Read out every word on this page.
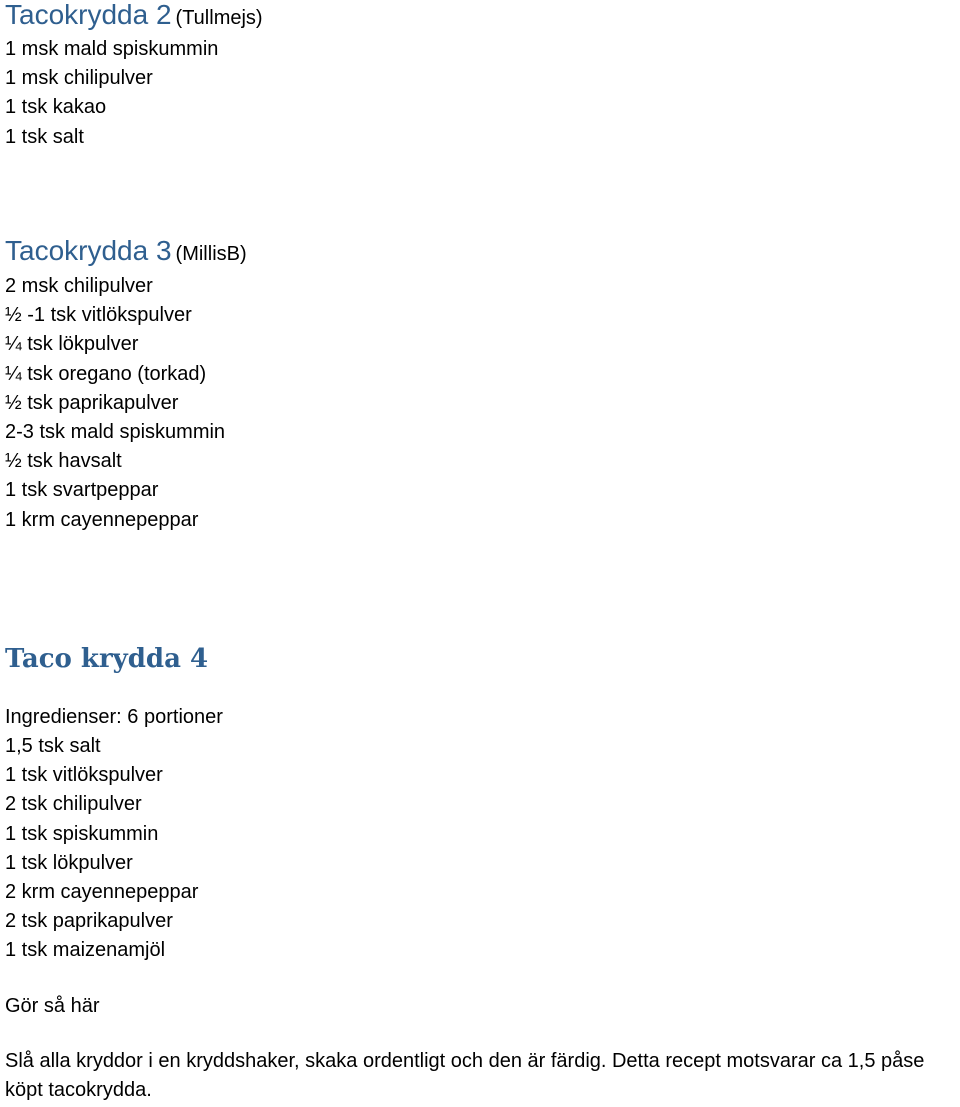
Tacokrydda 2 (Tullmejs)
1 msk mald spiskummin
1 msk chilipulver
1 tsk kakao
1 tsk salt
Tacokrydda 3 (MillisB)
2 msk chilipulver
½ -1 tsk vitlökspulver
¼ tsk lökpulver
¼ tsk oregano (torkad)
½ tsk paprikapulver
2-3 tsk mald spiskummin
½ tsk havsalt
1 tsk svartpeppar
1 krm cayennepeppar
Taco krydda 4
Ingredienser: 6 portioner
1,5 tsk salt
1 tsk vitlökspulver
2 tsk chilipulver
1 tsk spiskummin
1 tsk lökpulver
2 krm cayennepeppar
2 tsk paprikapulver
1 tsk maizenamjöl
Gör så här
Slå alla kryddor i en kryddshaker, skaka ordentligt och den är färdig. Detta recept motsvarar ca 1,5 påse köpt tacokrydda.
